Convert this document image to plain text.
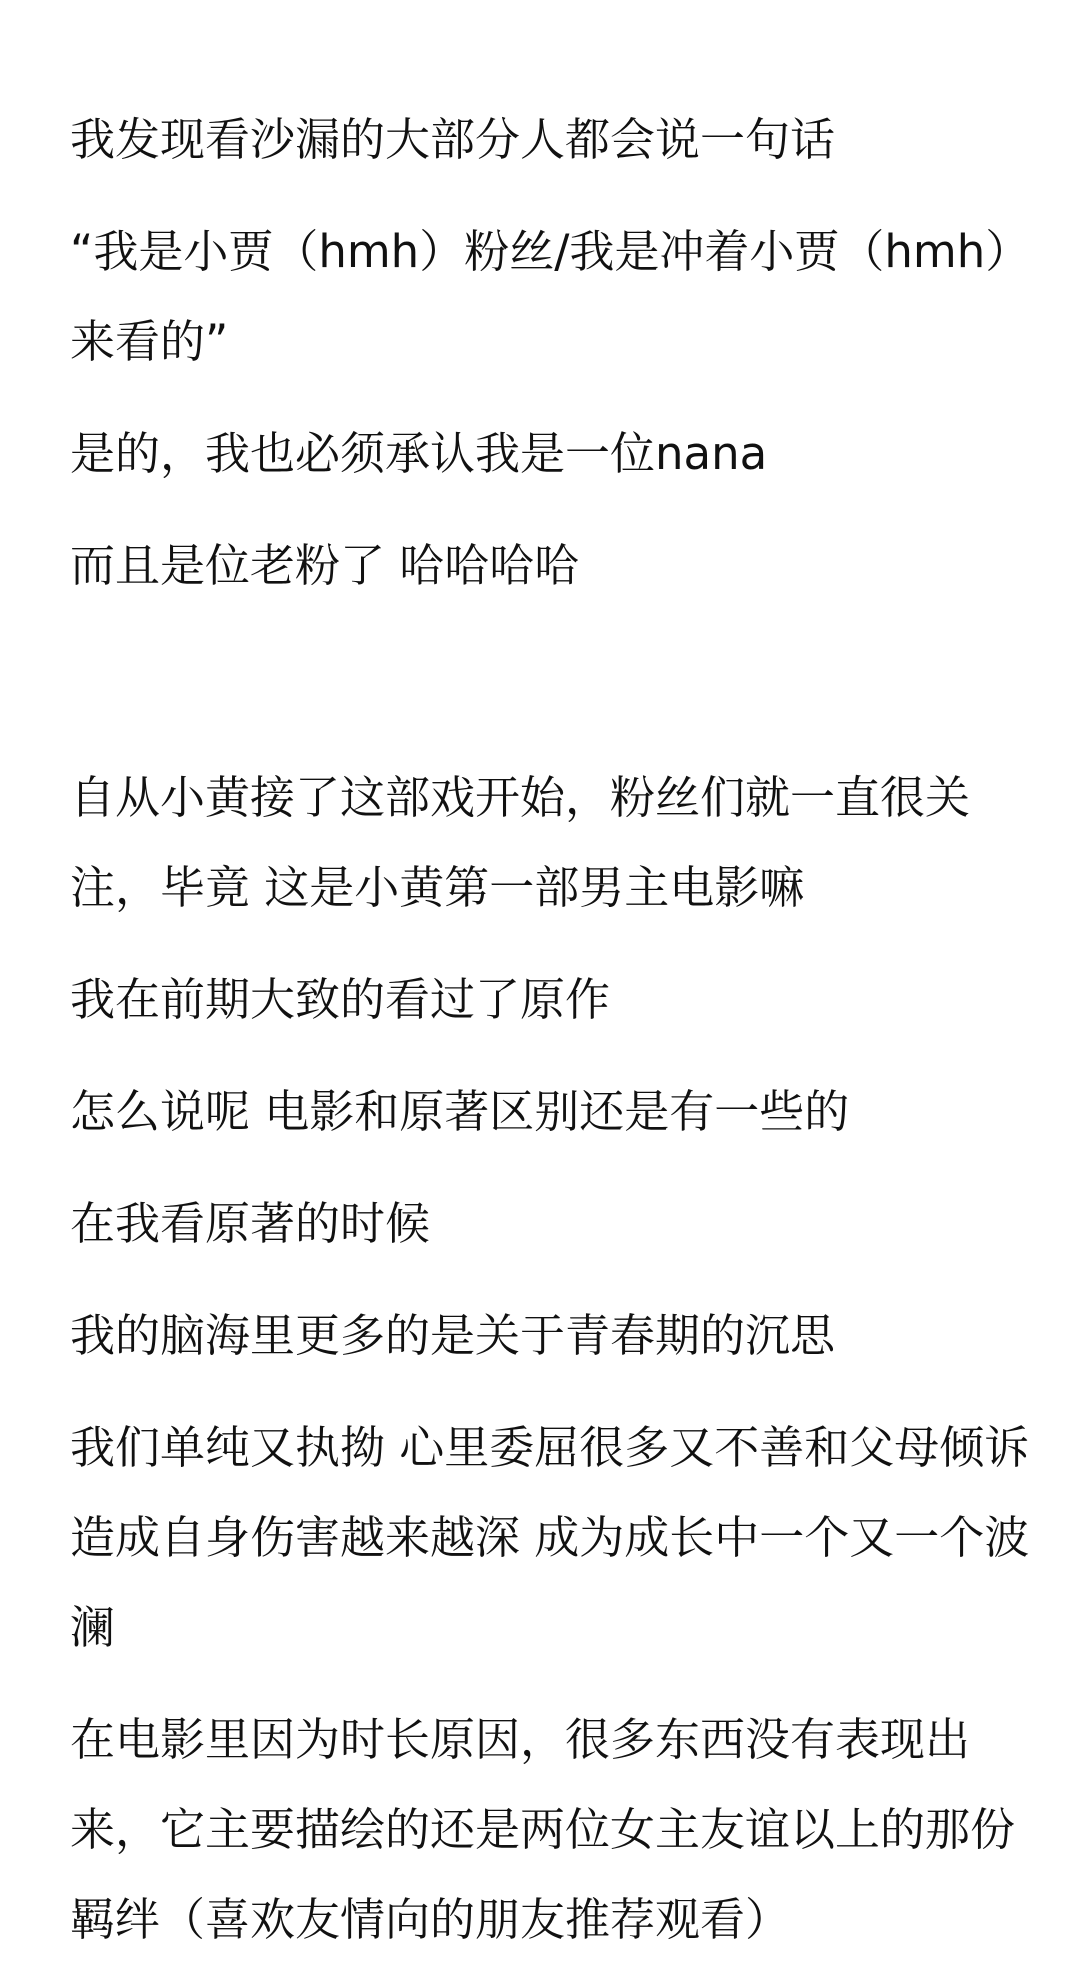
我发现看沙漏的大部分人都会说一句话

“我是小贾（hmh）粉丝/我是冲着小贾（hmh）来看的”

是的，我也必须承认我是一位nana

而且是位老粉了 哈哈哈哈

自从小黄接了这部戏开始，粉丝们就一直很关注，毕竟 这是小黄第一部男主电影嘛

我在前期大致的看过了原作

怎么说呢 电影和原著区别还是有一些的

在我看原著的时候

我的脑海里更多的是关于青春期的沉思

我们单纯又执拗 心里委屈很多又不善和父母倾诉 造成自身伤害越来越深 成为成长中一个又一个波澜

在电影里因为时长原因，很多东西没有表现出来，它主要描绘的还是两位女主友谊以上的那份羁绊（喜欢友情向的朋友推荐观看）
